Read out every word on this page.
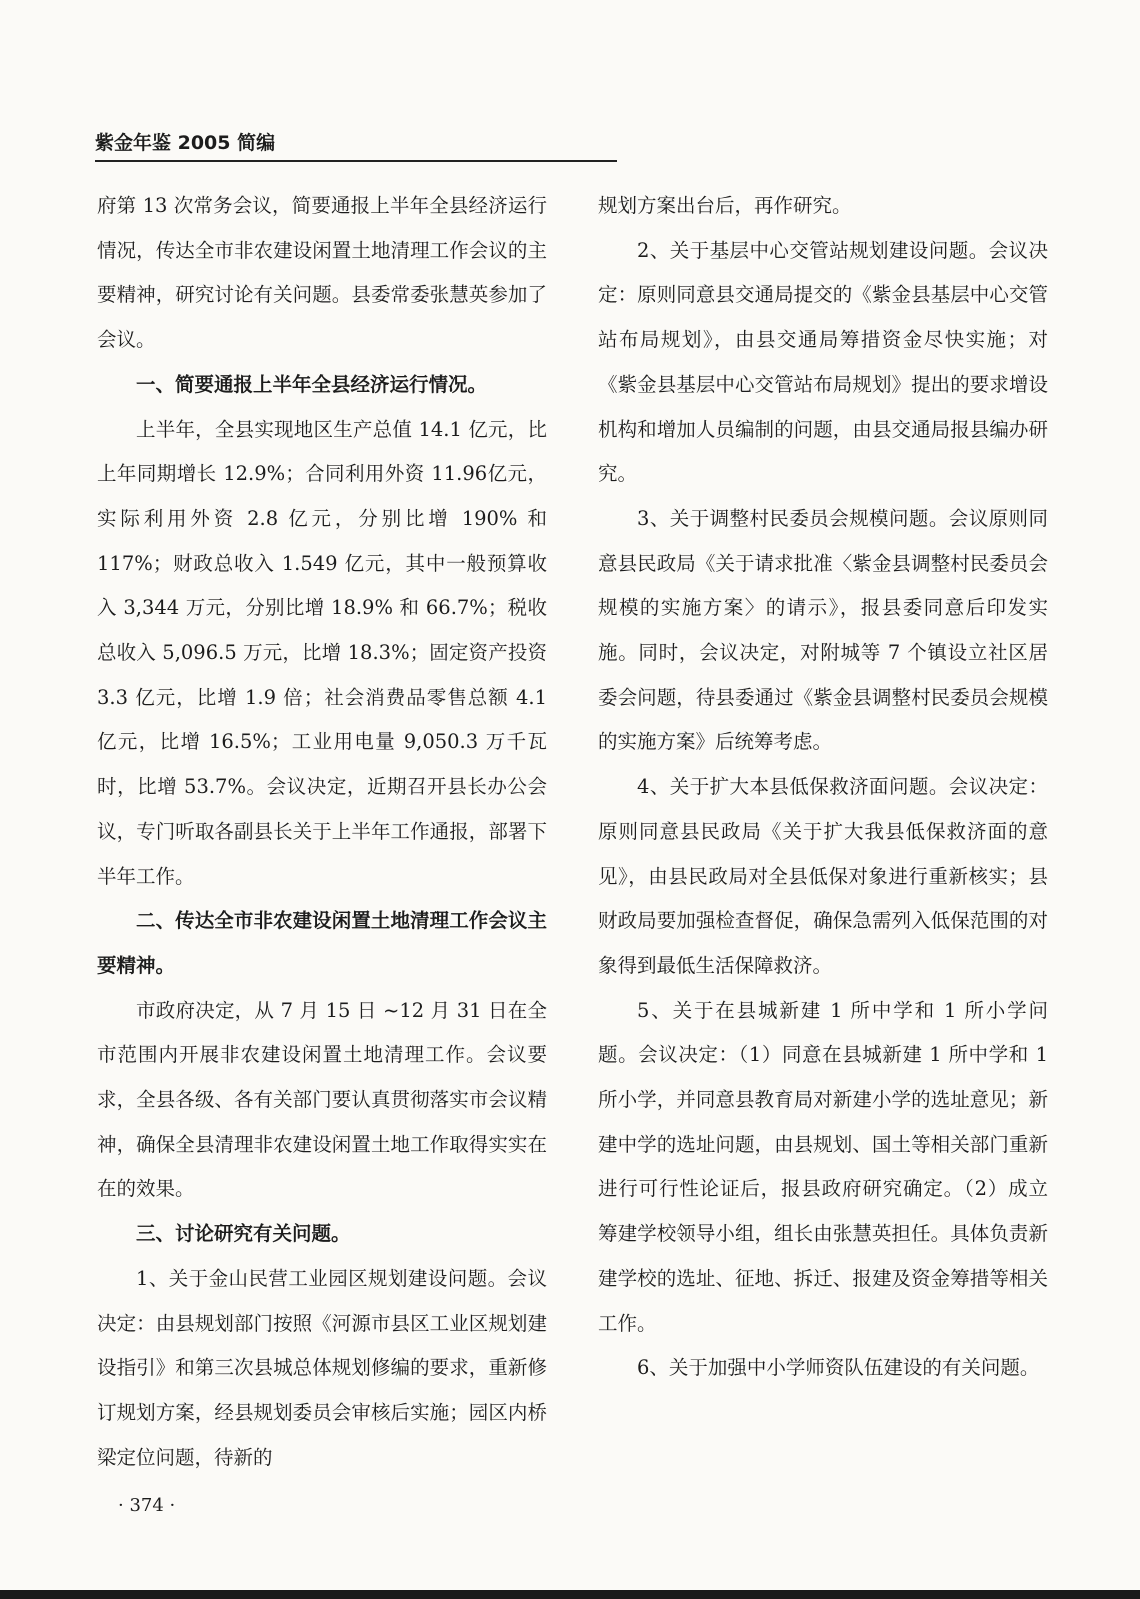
紫金年鉴 2005 简编

府第 13 次常务会议，简要通报上半年全县经济运行情况，传达全市非农建设闲置土地清理工作会议的主要精神，研究讨论有关问题。县委常委张慧英参加了会议。

一、简要通报上半年全县经济运行情况。

上半年，全县实现地区生产总值 14.1 亿元，比上年同期增长 12.9%；合同利用外资 11.96亿元，实际利用外资 2.8 亿元，分别比增 190% 和 117%；财政总收入 1.549 亿元，其中一般预算收入 3,344 万元，分别比增 18.9% 和 66.7%；税收总收入 5,096.5 万元，比增 18.3%；固定资产投资 3.3 亿元，比增 1.9 倍；社会消费品零售总额 4.1 亿元，比增 16.5%；工业用电量 9,050.3 万千瓦时，比增 53.7%。会议决定，近期召开县长办公会议，专门听取各副县长关于上半年工作通报，部署下半年工作。

二、传达全市非农建设闲置土地清理工作会议主要精神。

市政府决定，从 7 月 15 日 ~12 月 31 日在全市范围内开展非农建设闲置土地清理工作。会议要求，全县各级、各有关部门要认真贯彻落实市会议精神，确保全县清理非农建设闲置土地工作取得实实在在的效果。

三、讨论研究有关问题。

1、关于金山民营工业园区规划建设问题。会议决定：由县规划部门按照《河源市县区工业区规划建设指引》和第三次县城总体规划修编的要求，重新修订规划方案，经县规划委员会审核后实施；园区内桥梁定位问题，待新的

规划方案出台后，再作研究。

2、关于基层中心交管站规划建设问题。会议决定：原则同意县交通局提交的《紫金县基层中心交管站布局规划》，由县交通局筹措资金尽快实施；对《紫金县基层中心交管站布局规划》提出的要求增设机构和增加人员编制的问题，由县交通局报县编办研究。

3、关于调整村民委员会规模问题。会议原则同意县民政局《关于请求批准〈紫金县调整村民委员会规模的实施方案〉的请示》，报县委同意后印发实施。同时，会议决定，对附城等 7 个镇设立社区居委会问题，待县委通过《紫金县调整村民委员会规模的实施方案》后统筹考虑。

4、关于扩大本县低保救济面问题。会议决定：原则同意县民政局《关于扩大我县低保救济面的意见》，由县民政局对全县低保对象进行重新核实；县财政局要加强检查督促，确保急需列入低保范围的对象得到最低生活保障救济。

5、关于在县城新建 1 所中学和 1 所小学问题。会议决定：（1）同意在县城新建 1 所中学和 1 所小学，并同意县教育局对新建小学的选址意见；新建中学的选址问题，由县规划、国土等相关部门重新进行可行性论证后，报县政府研究确定。（2）成立筹建学校领导小组，组长由张慧英担任。具体负责新建学校的选址、征地、拆迁、报建及资金筹措等相关工作。

6、关于加强中小学师资队伍建设的有关问题。

· 374 ·
